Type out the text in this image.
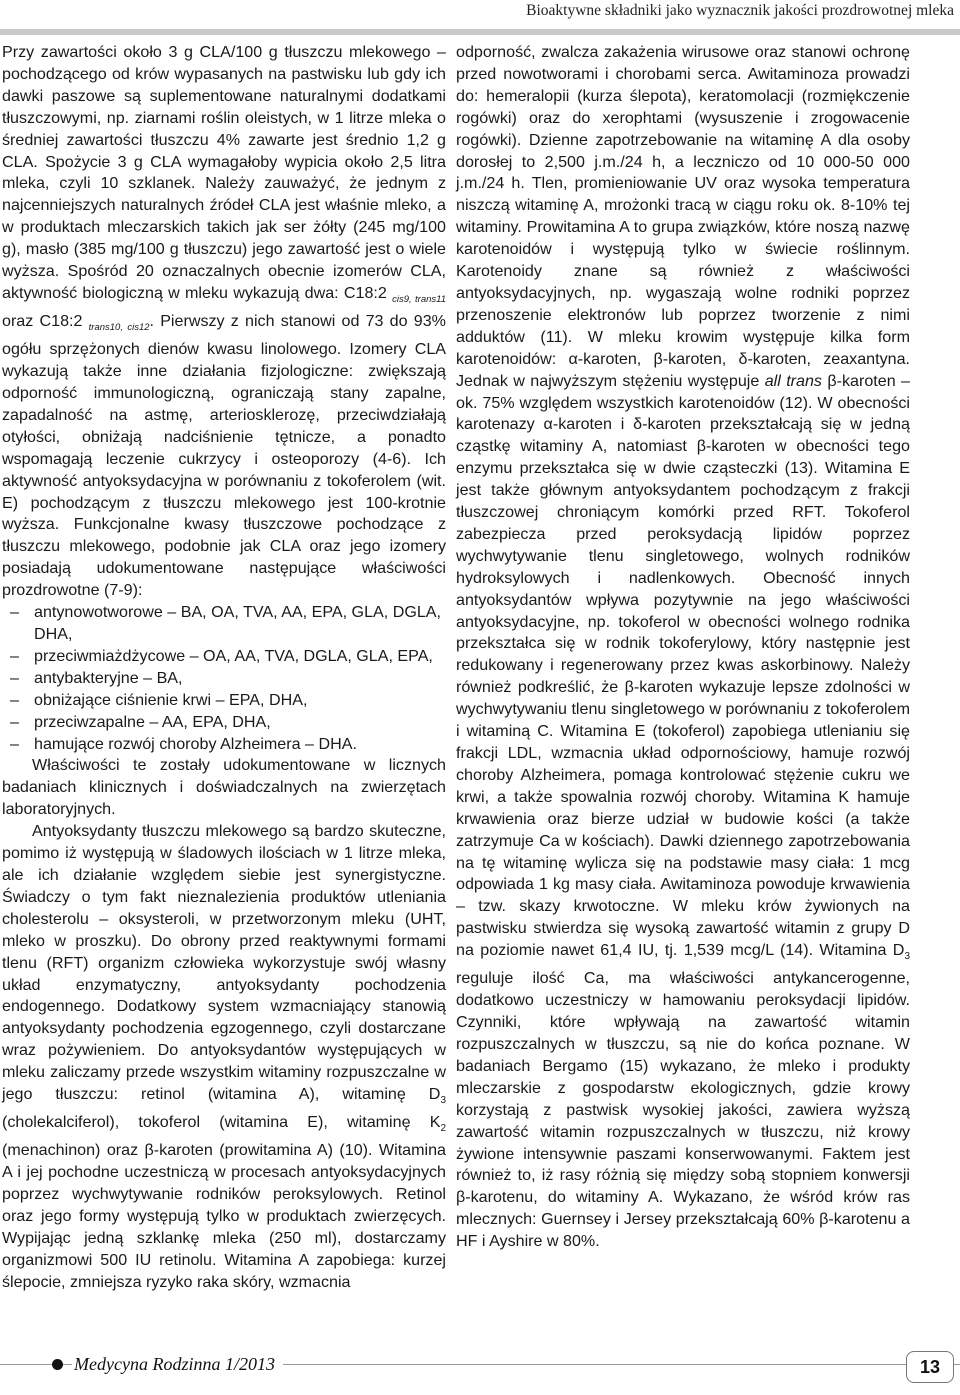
Bioaktywne składniki jako wyznacznik jakości prozdrowotnej mleka

Przy zawartości około 3 g CLA/100 g tłuszczu mlekowego – pochodzącego od krów wypasanych na pastwisku lub gdy ich dawki paszowe są suplementowane naturalnymi dodatkami tłuszczowymi, np. ziarnami roślin oleistych, w 1 litrze mleka o średniej zawartości tłuszczu 4% zawarte jest średnio 1,2 g CLA. Spożycie 3 g CLA wymagałoby wypicia około 2,5 litra mleka, czyli 10 szklanek. Należy zauważyć, że jednym z najcenniejszych naturalnych źródeł CLA jest właśnie mleko, a w produktach mleczarskich takich jak ser żółty (245 mg/100 g), masło (385 mg/100 g tłuszczu) jego zawartość jest o wiele wyższa. Spośród 20 oznaczalnych obecnie izomerów CLA, aktywność biologiczną w mleku wykazują dwa: C18:2 $_{cis9, trans11}$ oraz C18:2 $_{trans10, cis12}$. Pierwszy z nich stanowi od 73 do 93% ogółu sprzężonych dienów kwasu linolowego. Izomery CLA wykazują także inne działania fizjologiczne: zwiększają odporność immunologiczną, ograniczają stany zapalne, zapadalność na astmę, arteriosklerozę, przeciwdziałają otyłości, obniżają nadciśnienie tętnicze, a ponadto wspomagają leczenie cukrzycy i osteoporozy (4-6). Ich aktywność antyoksydacyjna w porównaniu z tokoferolem (wit. E) pochodzącym z tłuszczu mlekowego jest 100-krotnie wyższa. Funkcjonalne kwasy tłuszczowe pochodzące z tłuszczu mlekowego, podobnie jak CLA oraz jego izomery posiadają udokumentowane następujące właściwości prozdrowotne (7-9):

– antynowotworowe – BA, OA, TVA, AA, EPA, GLA, DGLA, DHA,
– przeciwmiażdżycowe – OA, AA, TVA, DGLA, GLA, EPA,
– antybakteryjne – BA,
– obniżające ciśnienie krwi – EPA, DHA,
– przeciwzapalne – AA, EPA, DHA,
– hamujące rozwój choroby Alzheimera – DHA.

Właściwości te zostały udokumentowane w licznych badaniach klinicznych i doświadczalnych na zwierzętach laboratoryjnych.

Antyoksydanty tłuszczu mlekowego są bardzo skuteczne, pomimo iż występują w śladowych ilościach w 1 litrze mleka, ale ich działanie względem siebie jest synergistyczne. Świadczy o tym fakt nieznalezienia produktów utleniania cholesterolu – oksysteroli, w przetworzonym mleku (UHT, mleko w proszku). Do obrony przed reaktywnymi formami tlenu (RFT) organizm człowieka wykorzystuje swój własny układ enzymatyczny, antyoksydanty pochodzenia endogennego. Dodatkowy system wzmacniający stanowią antyoksydanty pochodzenia egzogennego, czyli dostarczane wraz pożywieniem. Do antyoksydantów występujących w mleku zaliczamy przede wszystkim witaminy rozpuszczalne w jego tłuszczu: retinol (witamina A), witaminę $D_3$ (cholekalciferol), tokoferol (witamina E), witaminę $K_2$ (menachinon) oraz β-karoten (prowitamina A) (10). Witamina A i jej pochodne uczestniczą w procesach antyoksydacyjnych poprzez wychwytywanie rodników peroksylowych. Retinol oraz jego formy występują tylko w produktach zwierzęcych. Wypijając jedną szklankę mleka (250 ml), dostarczamy organizmowi 500 IU retinolu. Witamina A zapobiega: kurzej ślepocie, zmniejsza ryzyko raka skóry, wzmacnia

odporność, zwalcza zakażenia wirusowe oraz stanowi ochronę przed nowotworami i chorobami serca. Awitaminoza prowadzi do: hemeralopii (kurza ślepota), keratomolacji (rozmiękczenie rogówki) oraz do xerophtami (wysuszenie i zrogowacenie rogówki). Dzienne zapotrzebowanie na witaminę A dla osoby dorosłej to 2,500 j.m./24 h, a leczniczo od 10 000-50 000 j.m./24 h. Tlen, promieniowanie UV oraz wysoka temperatura niszczą witaminę A, mrożonki tracą w ciągu roku ok. 8-10% tej witaminy. Prowitamina A to grupa związków, które noszą nazwę karotenoidów i występują tylko w świecie roślinnym. Karotenoidy znane są również z właściwości antyoksydacyjnych, np. wygaszają wolne rodniki poprzez przenoszenie elektronów lub poprzez tworzenie z nimi adduktów (11). W mleku krowim występuje kilka form karotenoidów: α-karoten, β-karoten, δ-karoten, zeaxantyna. Jednak w najwyższym stężeniu występuje all trans β-karoten – ok. 75% względem wszystkich karotenoidów (12). W obecności karotenazy α-karoten i δ-karoten przekształcają się w jedną cząstkę witaminy A, natomiast β-karoten w obecności tego enzymu przekształca się w dwie cząsteczki (13). Witamina E jest także głównym antyoksydantem pochodzącym z frakcji tłuszczowej chroniącym komórki przed RFT. Tokoferol zabezpiecza przed peroksydacją lipidów poprzez wychwytywanie tlenu singletowego, wolnych rodników hydroksylowych i nadlenkowych. Obecność innych antyoksydantów wpływa pozytywnie na jego właściwości antyoksydacyjne, np. tokoferol w obecności wolnego rodnika przekształca się w rodnik tokoferylowy, który następnie jest redukowany i regenerowany przez kwas askorbinowy. Należy również podkreślić, że β-karoten wykazuje lepsze zdolności w wychwytywaniu tlenu singletowego w porównaniu z tokoferolem i witaminą C. Witamina E (tokoferol) zapobiega utlenianiu się frakcji LDL, wzmacnia układ odpornościowy, hamuje rozwój choroby Alzheimera, pomaga kontrolować stężenie cukru we krwi, a także spowalnia rozwój choroby. Witamina K hamuje krwawienia oraz bierze udział w budowie kości (a także zatrzymuje Ca w kościach). Dawki dziennego zapotrzebowania na tę witaminę wylicza się na podstawie masy ciała: 1 mcg odpowiada 1 kg masy ciała. Awitaminoza powoduje krwawienia – tzw. skazy krwotoczne. W mleku krów żywionych na pastwisku stwierdza się wysoką zawartość witamin z grupy D na poziomie nawet 61,4 IU, tj. 1,539 mcg/L (14). Witamina $D_3$ reguluje ilość Ca, ma właściwości antykancerogenne, dodatkowo uczestniczy w hamowaniu peroksydacji lipidów. Czynniki, które wpływają na zawartość witamin rozpuszczalnych w tłuszczu, są nie do końca poznane. W badaniach Bergamo (15) wykazano, że mleko i produkty mleczarskie z gospodarstw ekologicznych, gdzie krowy korzystają z pastwisk wysokiej jakości, zawiera wyższą zawartość witamin rozpuszczalnych w tłuszczu, niż krowy żywione intensywnie paszami konserwowanymi. Faktem jest również to, iż rasy różnią się między sobą stopniem konwersji β-karotenu, do witaminy A. Wykazano, że wśród krów ras mlecznych: Guernsey i Jersey przekształcają 60% β-karotenu a HF i Ayshire w 80%.

Medycyna Rodzinna 1/2013	13
